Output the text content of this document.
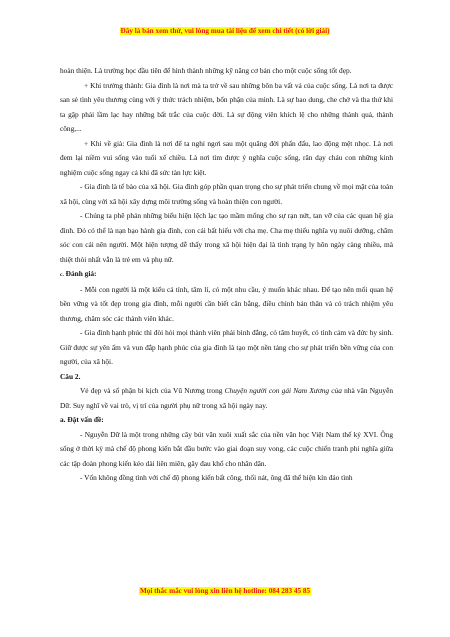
Đây là bản xem thử, vui lòng mua tài liệu để xem chi tiết (có lời giải)

hoàn thiện. Là trường học đầu tiên để hình thành những kỹ năng cơ bản cho một cuộc sống tốt đẹp.

+ Khi trưởng thành: Gia đình là nơi mà ta trở về sau những bôn ba vất vả của cuộc sống. Là nơi ta được san sẻ tình yêu thương cùng với ý thức trách nhiệm, bổn phận của mình. Là sự bao dung, che chở và tha thứ khi ta gặp phải lầm lạc hay những bất trắc của cuộc đời. Là sự động viên khích lệ cho những thành quả, thành công,...

+ Khi về già: Gia đình là nơi để ta nghỉ ngơi sau một quãng đời phấn đấu, lao động mệt nhọc. Là nơi đem lại niềm vui sống vào tuổi xế chiều. Là nơi tìm được ý nghĩa cuộc sống, răn dạy cháu con những kinh nghiệm cuộc sống ngay cả khi đã sức tàn lực kiệt.

- Gia đình là tế bào của xã hội. Gia đình góp phần quan trọng cho sự phát triển chung về mọi mặt của toàn xã hội, cùng với xã hội xây dựng môi trường sống và hoàn thiện con người.

- Chúng ta phê phán những biểu hiện lệch lạc tạo mầm mống cho sự rạn nứt, tan vỡ của các quan hệ gia đình. Đó có thể là nạn bạo hành gia đình, con cái bất hiếu với cha mẹ. Cha mẹ thiếu nghĩa vụ nuôi dưỡng, chăm sóc con cái nên người. Một hiện tượng dễ thấy trong xã hội hiện đại là tình trạng ly hôn ngày càng nhiều, mà thiệt thòi nhất vẫn là trẻ em và phụ nữ.

c. Đánh giá:

- Mỗi con người là một kiểu cá tính, tâm lí, có một nhu cầu, ý muốn khác nhau. Để tạo nên mối quan hệ bền vững và tốt đẹp trong gia đình, mỗi người cần biết cân bằng, điều chỉnh bản thân và có trách nhiệm yêu thương, chăm sóc các thành viên khác.

- Gia đình hạnh phúc thì đòi hỏi mọi thành viên phải bình đẳng, có tâm huyết, có tình cảm và đức hy sinh. Giữ được sự yên ấm và vun đắp hạnh phúc của gia đình là tạo một nền tảng cho sự phát triển bền vững của con người, của xã hội.

Câu 2.

Vẻ đẹp và số phận bi kịch của Vũ Nương trong Chuyện người con gái Nam Xương của nhà văn Nguyễn Dữ. Suy nghĩ về vai trò, vị trí của người phụ nữ trong xã hội ngày nay.

a. Đặt vấn đề:

- Nguyễn Dữ là một trong những cây bút văn xuôi xuất sắc của nền văn học Việt Nam thế kỷ XVI. Ông sống ở thời kỳ mà chế độ phong kiến bắt đầu bước vào giai đoạn suy vong, các cuộc chiến tranh phi nghĩa giữa các tập đoàn phong kiến kéo dài liên miên, gây đau khổ cho nhân dân.

- Vốn không đồng tình với chế độ phong kiến bất công, thối nát, ông đã thể hiện kín đáo tình

Mọi thắc mắc vui lòng xin liên hệ hotline: 084 283 45 85
